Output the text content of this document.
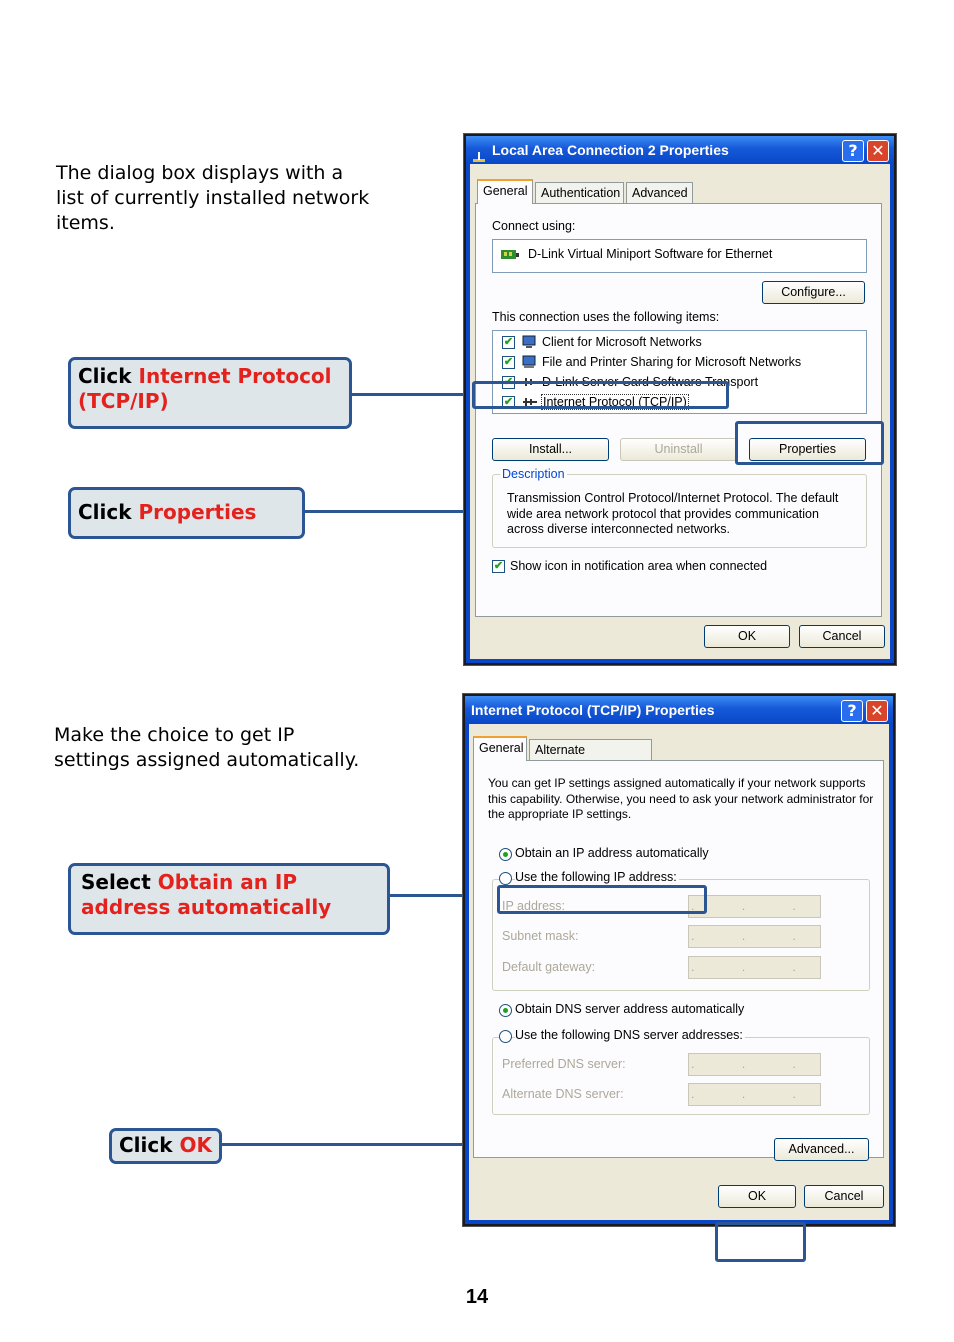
The dialog box displays with a
list of currently installed network
items.
Click Internet Protocol
(TCP/IP)
Click Properties
Local Area Connection 2 Properties	? ✕
General	Authentication Advanced
Connect using:
D-Link Virtual Miniport Software for Ethernet
Configure...
This connection uses the following items:
✔ Client for Microsoft Networks
✔ File and Printer Sharing for Microsoft Networks
✔ D-Link Server Card Software Transport
✔ Internet Protocol (TCP/IP)
Install...	Uninstall	Properties
Description
Transmission Control Protocol/Internet Protocol. The default
wide area network protocol that provides communication
across diverse interconnected networks.
✔ Show icon in notification area when connected
OK	Cancel
Make the choice to get IP
settings assigned automatically.
Select Obtain an IP
address automatically
Click OK
Internet Protocol (TCP/IP) Properties	? ✕
General Alternate
You can get IP settings assigned automatically if your network supports
this capability. Otherwise, you need to ask your network administrator for
the appropriate IP settings.
Obtain an IP address automatically
Use the following IP address:
IP address:	. . .
Subnet mask:	. . .
Default gateway:	. . .
Obtain DNS server address automatically
Use the following DNS server addresses:
Preferred DNS server:	. . .
Alternate DNS server:	. . .
Advanced...
OK	Cancel
14
